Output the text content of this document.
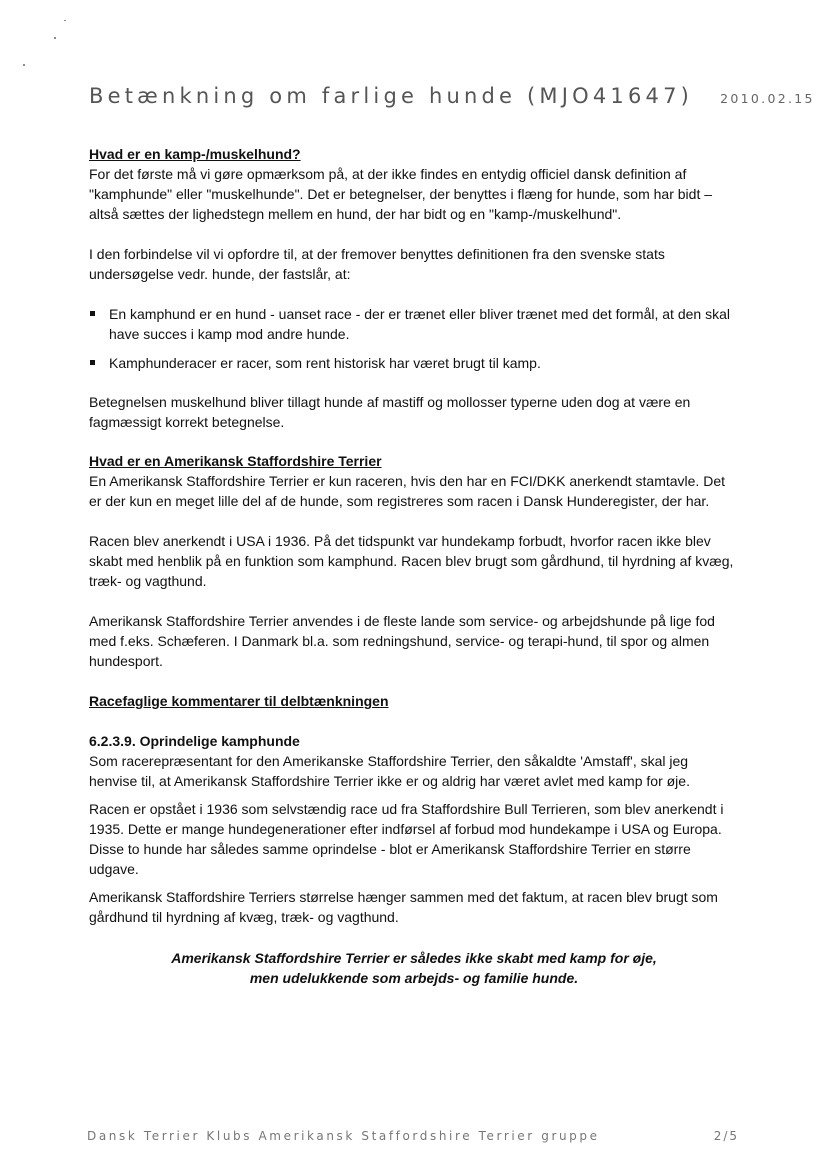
Betænkning om farlige hunde (MJO41647) 2010.02.15

Hvad er en kamp-/muskelhund?

For det første må vi gøre opmærksom på, at der ikke findes en entydig officiel dansk definition af "kamphunde" eller "muskelhunde". Det er betegnelser, der benyttes i flæng for hunde, som har bidt – altså sættes der lighedstegn mellem en hund, der har bidt og en "kamp-/muskelhund".

I den forbindelse vil vi opfordre til, at der fremover benyttes definitionen fra den svenske stats undersøgelse vedr. hunde, der fastslår, at:

En kamphund er en hund - uanset race - der er trænet eller bliver trænet med det formål, at den skal have succes i kamp mod andre hunde.
Kamphunderacer er racer, som rent historisk har været brugt til kamp.

Betegnelsen muskelhund bliver tillagt hunde af mastiff og mollosser typerne uden dog at være en fagmæssigt korrekt betegnelse.

Hvad er en Amerikansk Staffordshire Terrier

En Amerikansk Staffordshire Terrier er kun raceren, hvis den har en FCI/DKK anerkendt stamtavle. Det er der kun en meget lille del af de hunde, som registreres som racen i Dansk Hunderegister, der har.

Racen blev anerkendt i USA i 1936. På det tidspunkt var hundekamp forbudt, hvorfor racen ikke blev skabt med henblik på en funktion som kamphund. Racen blev brugt som gårdhund, til hyrdning af kvæg, træk- og vagthund.

Amerikansk Staffordshire Terrier anvendes i de fleste lande som service- og arbejdshunde på lige fod med f.eks. Schæferen. I Danmark bl.a. som redningshund, service- og terapi-hund, til spor og almen hundesport.

Racefaglige kommentarer til delbtænkningen

6.2.3.9. Oprindelige kamphunde

Som racerepræsentant for den Amerikanske Staffordshire Terrier, den såkaldte 'Amstaff', skal jeg henvise til, at Amerikansk Staffordshire Terrier ikke er og aldrig har været avlet med kamp for øje.

Racen er opstået i 1936 som selvstændig race ud fra Staffordshire Bull Terrieren, som blev anerkendt i 1935. Dette er mange hundegenerationer efter indførsel af forbud mod hundekampe i USA og Europa. Disse to hunde har således samme oprindelse - blot er Amerikansk Staffordshire Terrier en større udgave.

Amerikansk Staffordshire Terriers størrelse hænger sammen med det faktum, at racen blev brugt som gårdhund til hyrdning af kvæg, træk- og vagthund.

Amerikansk Staffordshire Terrier er således ikke skabt med kamp for øje,
men udelukkende som arbejds- og familie hunde.
Dansk Terrier Klubs Amerikansk Staffordshire Terrier gruppe	2/5
